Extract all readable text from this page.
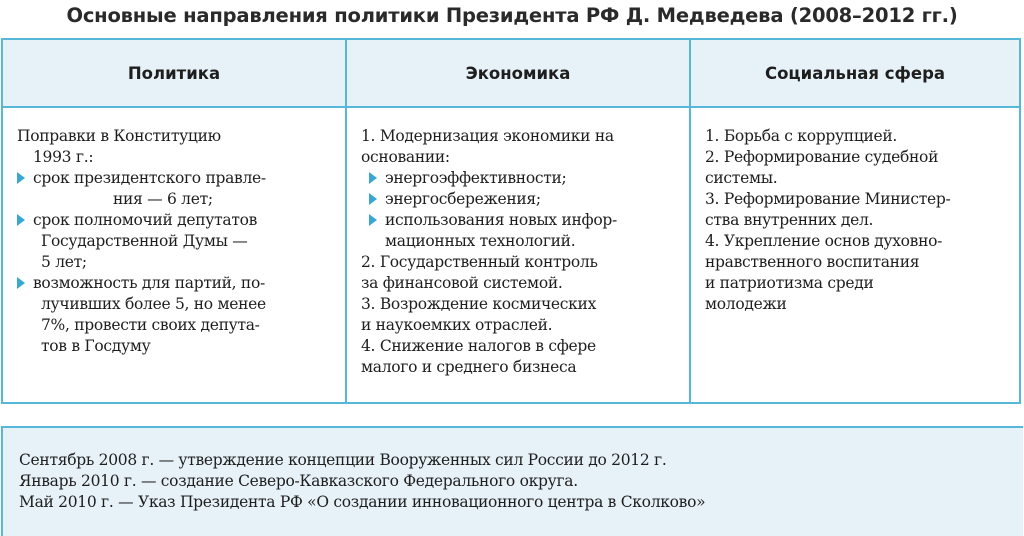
Основные направления политики Президента РФ Д. Медведева (2008–2012 гг.)
Политика	Экономика	Социальная сфера
Поправки в Конституцию
1993 г.:
срок президентского правле-
ния — 6 лет;
срок полномочий депутатов
Государственной Думы —
5 лет;
возможность для партий, по-
лучивших более 5, но менее
7%, провести своих депута-
тов в Госдуму
1. Модернизация экономики на
основании:
энергоэффективности;
энергосбережения;
использования новых инфор-
мационных технологий.
2. Государственный контроль
за финансовой системой.
3. Возрождение космических
и наукоемких отраслей.
4. Снижение налогов в сфере
малого и среднего бизнеса
1. Борьба с коррупцией.
2. Реформирование судебной
системы.
3. Реформирование Министер-
ства внутренних дел.
4. Укрепление основ духовно-
нравственного воспитания
и патриотизма среди
молодежи
Сентябрь 2008 г. — утверждение концепции Вооруженных сил России до 2012 г.
Январь 2010 г. — создание Северо-Кавказского Федерального округа.
Май 2010 г. — Указ Президента РФ «О создании инновационного центра в Сколково»
